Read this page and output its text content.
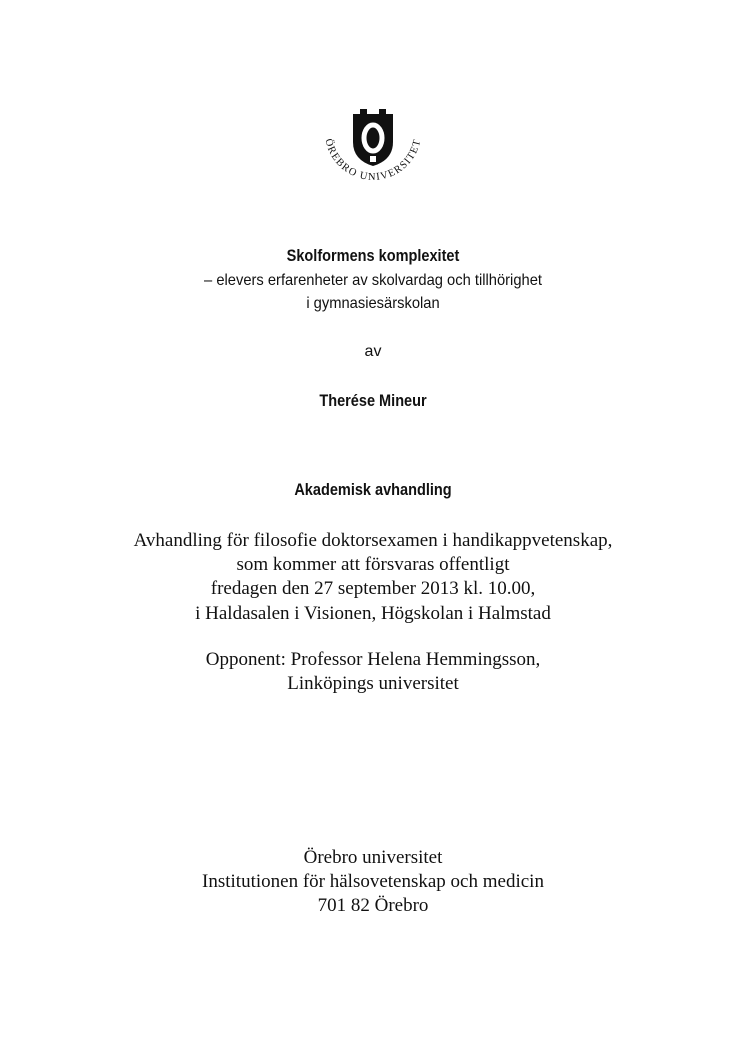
ÖREBRO UNIVERSITET
Skolformens komplexitet
– elevers erfarenheter av skolvardag och tillhörighet
i gymnasiesärskolan
av
Therése Mineur
Akademisk avhandling
Avhandling för filosofie doktorsexamen i handikappvetenskap,
som kommer att försvaras offentligt
fredagen den 27 september 2013 kl. 10.00,
i Haldasalen i Visionen, Högskolan i Halmstad
Opponent: Professor Helena Hemmingsson,
Linköpings universitet
Örebro universitet
Institutionen för hälsovetenskap och medicin
701 82 Örebro
